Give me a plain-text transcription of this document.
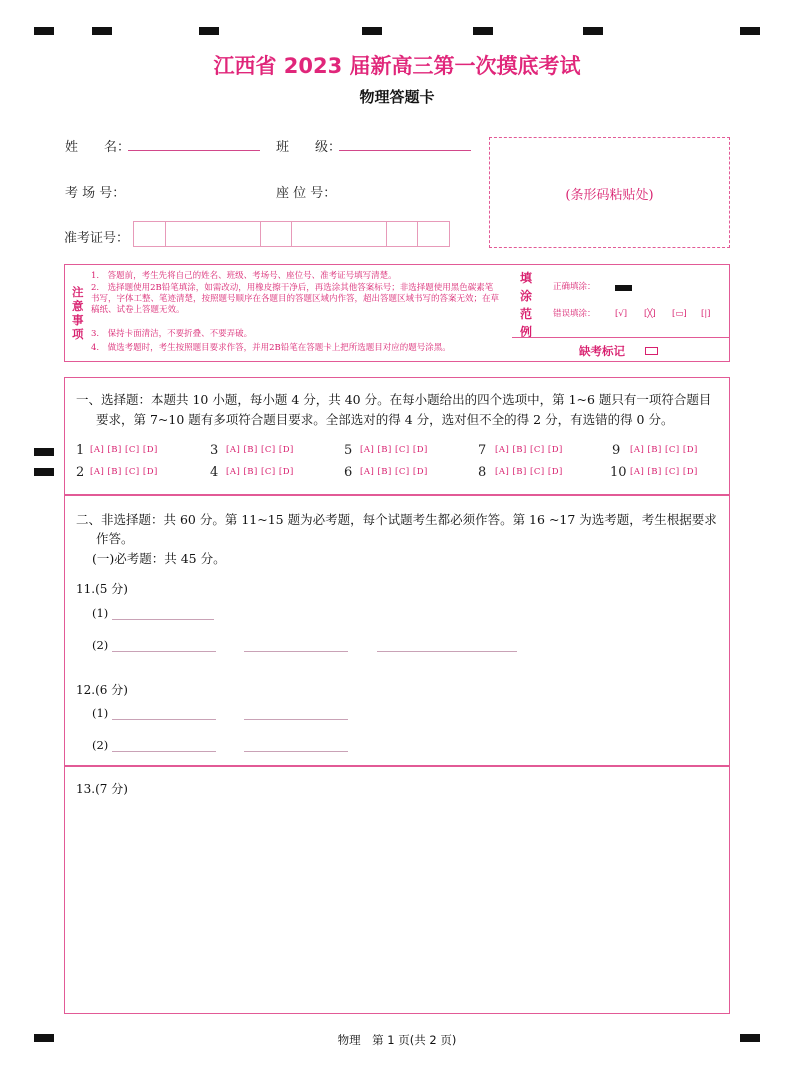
江西省 2023 届新高三第一次摸底考试
物理答题卡
姓　　名：	班　　级：
考 场 号：	座 位 号：
准考证号：
(条形码粘贴处)
注意事项
1.　答题前，考生先将自己的姓名、班级、考场号、座位号、准考证号填写清楚。
2.　选择题使用2B铅笔填涂，如需改动，用橡皮擦干净后，再选涂其他答案标号；非选择题使用黑色碳素笔书写，字体工整、笔迹清楚，按照题号顺序在各题目的答题区域内作答，超出答题区域书写的答案无效；在草稿纸、试卷上答题无效。
3.　保持卡面清洁，不要折叠、不要弄破。
4.　做选考题时，考生按照题目要求作答，并用2B铅笔在答题卡上把所选题目对应的题号涂黑。
填涂范例
正确填涂：
错误填涂： [√] [╳] [▭] [|]
缺考标记
一、选择题：本题共 10 小题，每小题 4 分，共 40 分。在每小题给出的四个选项中，第 1~6 题只有一项符合题目
要求，第 7~10 题有多项符合题目要求。全部选对的得 4 分，选对但不全的得 2 分，有选错的得 0 分。
1 [A] [B] [C] [D]	3 [A] [B] [C] [D]	5 [A] [B] [C] [D]	7 [A] [B] [C] [D]	9 [A] [B] [C] [D]
2 [A] [B] [C] [D]	4 [A] [B] [C] [D]	6 [A] [B] [C] [D]	8 [A] [B] [C] [D]	10 [A] [B] [C] [D]
二、非选择题：共 60 分。第 11~15 题为必考题，每个试题考生都必须作答。第 16 ~17 为选考题，考生根据要求
作答。
(一)必考题：共 45 分。
11.(5 分)
(1)
(2)
12.(6 分)
(1)
(2)
13.(7 分)
物理　第 1 页(共 2 页)
